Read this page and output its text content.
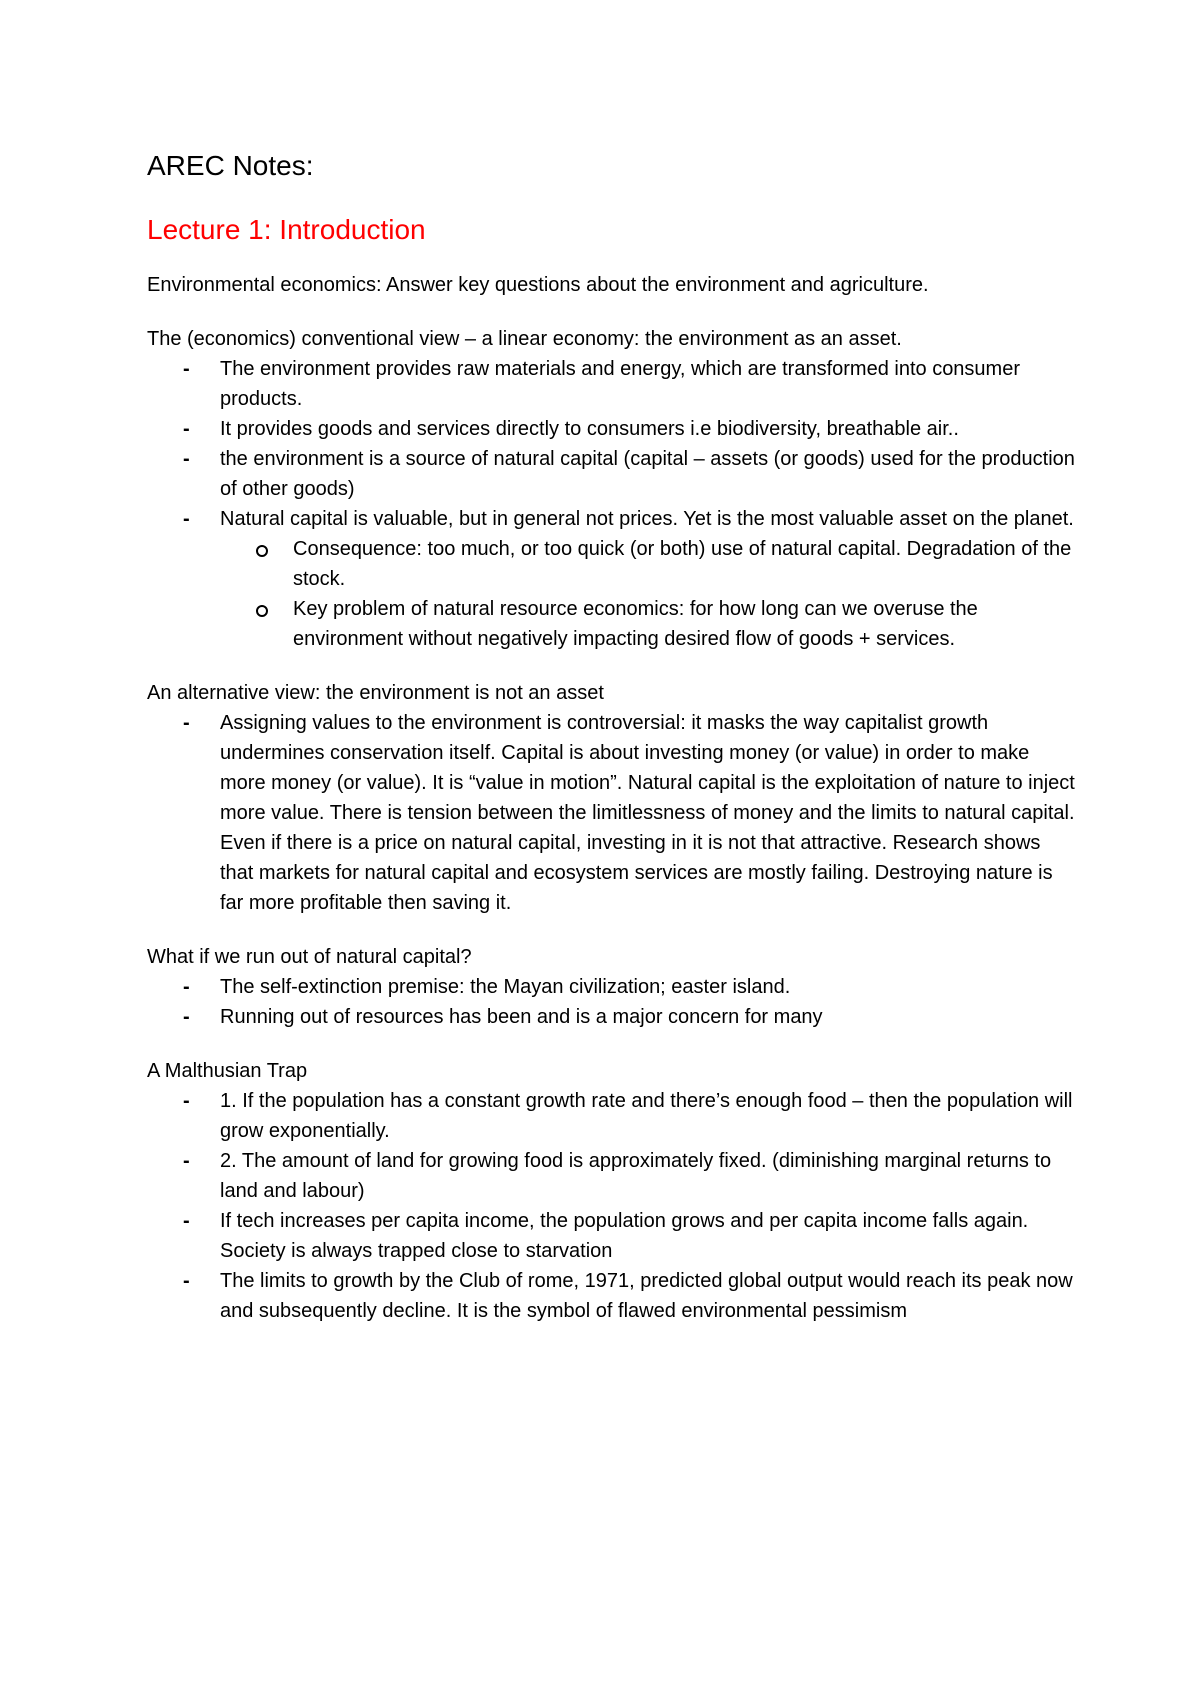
AREC Notes:
Lecture 1: Introduction

Environmental economics: Answer key questions about the environment and agriculture.

The (economics) conventional view – a linear economy: the environment as an asset.

-	The environment provides raw materials and energy, which are transformed into consumer products.
-	It provides goods and services directly to consumers i.e biodiversity, breathable air..
-	the environment is a source of natural capital (capital – assets (or goods) used for the production of other goods)
-	Natural capital is valuable, but in general not prices. Yet is the most valuable asset on the planet.
Consequence: too much, or too quick (or both) use of natural capital. Degradation of the stock.
Key problem of natural resource economics: for how long can we overuse the environment without negatively impacting desired flow of goods + services.

An alternative view: the environment is not an asset

-	Assigning values to the environment is controversial: it masks the way capitalist growth undermines conservation itself. Capital is about investing money (or value) in order to make more money (or value). It is “value in motion”. Natural capital is the exploitation of nature to inject more value. There is tension between the limitlessness of money and the limits to natural capital. Even if there is a price on natural capital, investing in it is not that attractive. Research shows that markets for natural capital and ecosystem services are mostly failing. Destroying nature is far more profitable then saving it.

What if we run out of natural capital?

-	The self-extinction premise: the Mayan civilization; easter island.
-	Running out of resources has been and is a major concern for many

A Malthusian Trap

-	1. If the population has a constant growth rate and there’s enough food – then the population will grow exponentially.
-	2. The amount of land for growing food is approximately fixed. (diminishing marginal returns to land and labour)
-	If tech increases per capita income, the population grows and per capita income falls again. Society is always trapped close to starvation
-	The limits to growth by the Club of rome, 1971, predicted global output would reach its peak now and subsequently decline. It is the symbol of flawed environmental pessimism
